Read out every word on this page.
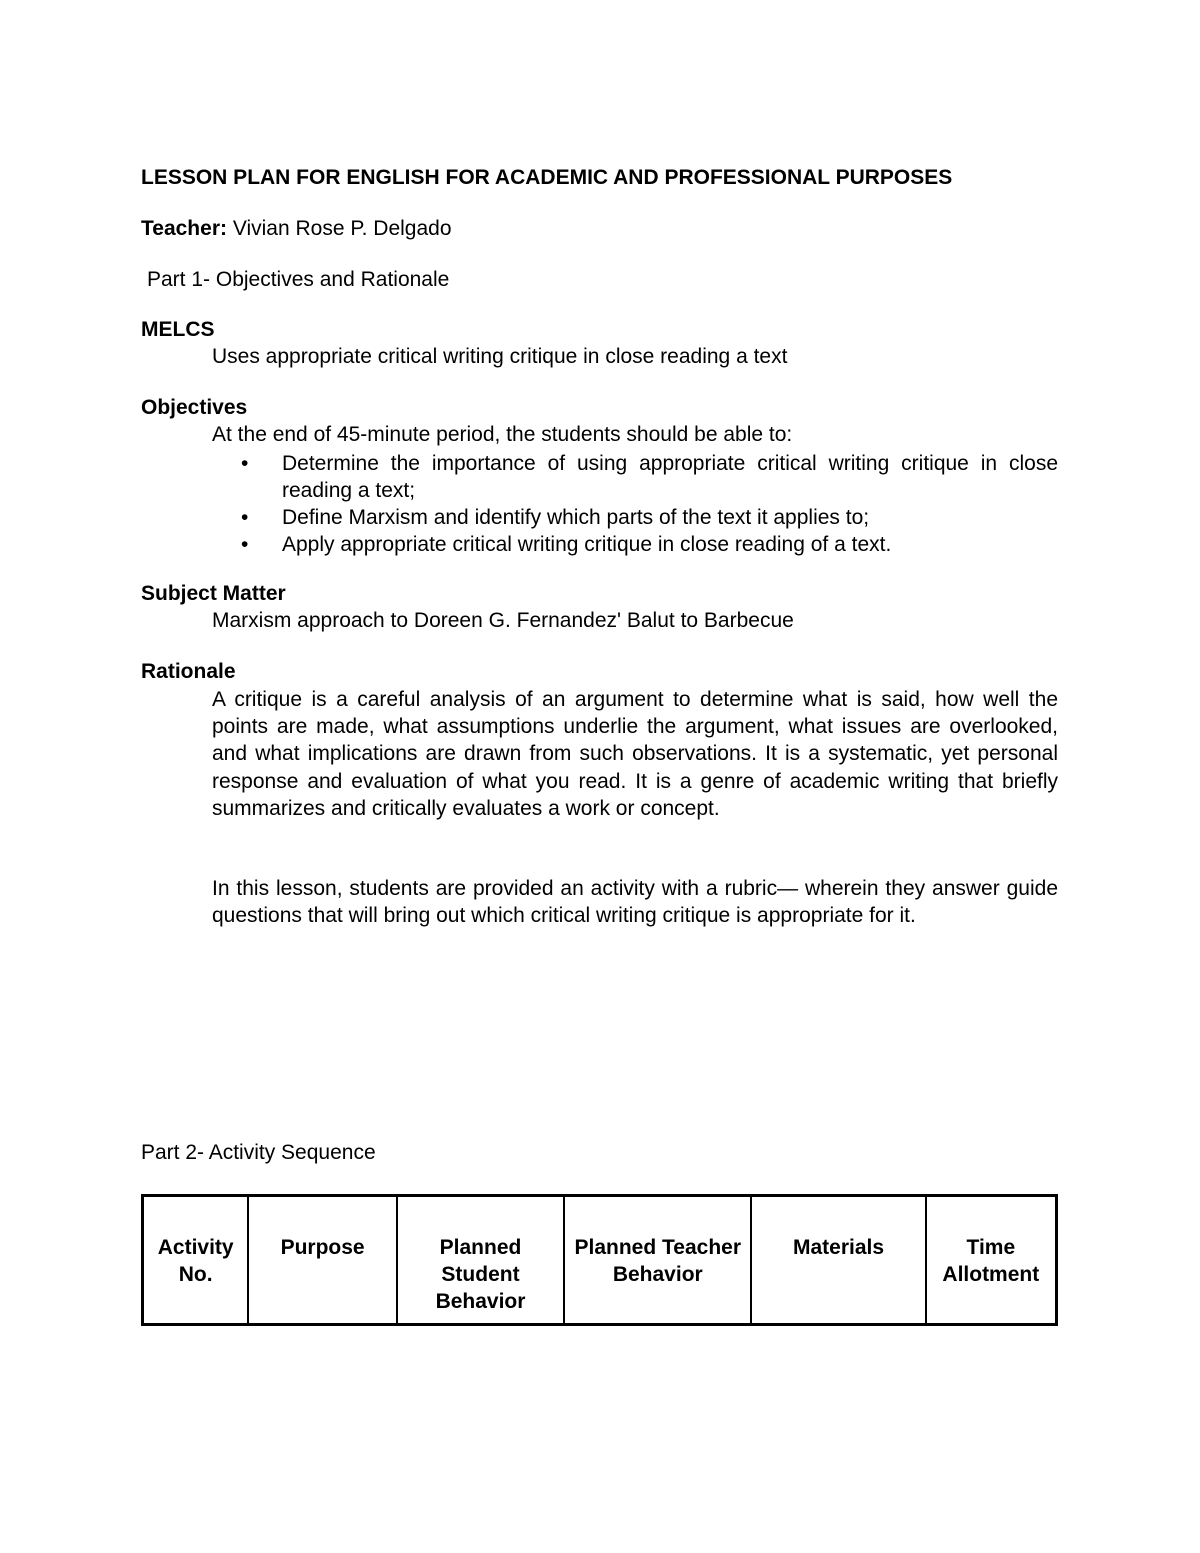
LESSON PLAN FOR ENGLISH FOR ACADEMIC AND PROFESSIONAL PURPOSES
Teacher: Vivian Rose P. Delgado
Part 1- Objectives and Rationale
MELCS
Uses appropriate critical writing critique in close reading a text
Objectives
At the end of 45-minute period, the students should be able to:
• Determine the importance of using appropriate critical writing critique in close reading a text;
• Define Marxism and identify which parts of the text it applies to;
• Apply appropriate critical writing critique in close reading of a text.
Subject Matter
Marxism approach to Doreen G. Fernandez' Balut to Barbecue
Rationale
A critique is a careful analysis of an argument to determine what is said, how well the points are made, what assumptions underlie the argument, what issues are overlooked, and what implications are drawn from such observations. It is a systematic, yet personal response and evaluation of what you read. It is a genre of academic writing that briefly summarizes and critically evaluates a work or concept.
In this lesson, students are provided an activity with a rubric— wherein they answer guide questions that will bring out which critical writing critique is appropriate for it.
Part 2- Activity Sequence
Activity No.	Purpose	Planned Student Behavior	Planned Teacher Behavior	Materials	Time Allotment
